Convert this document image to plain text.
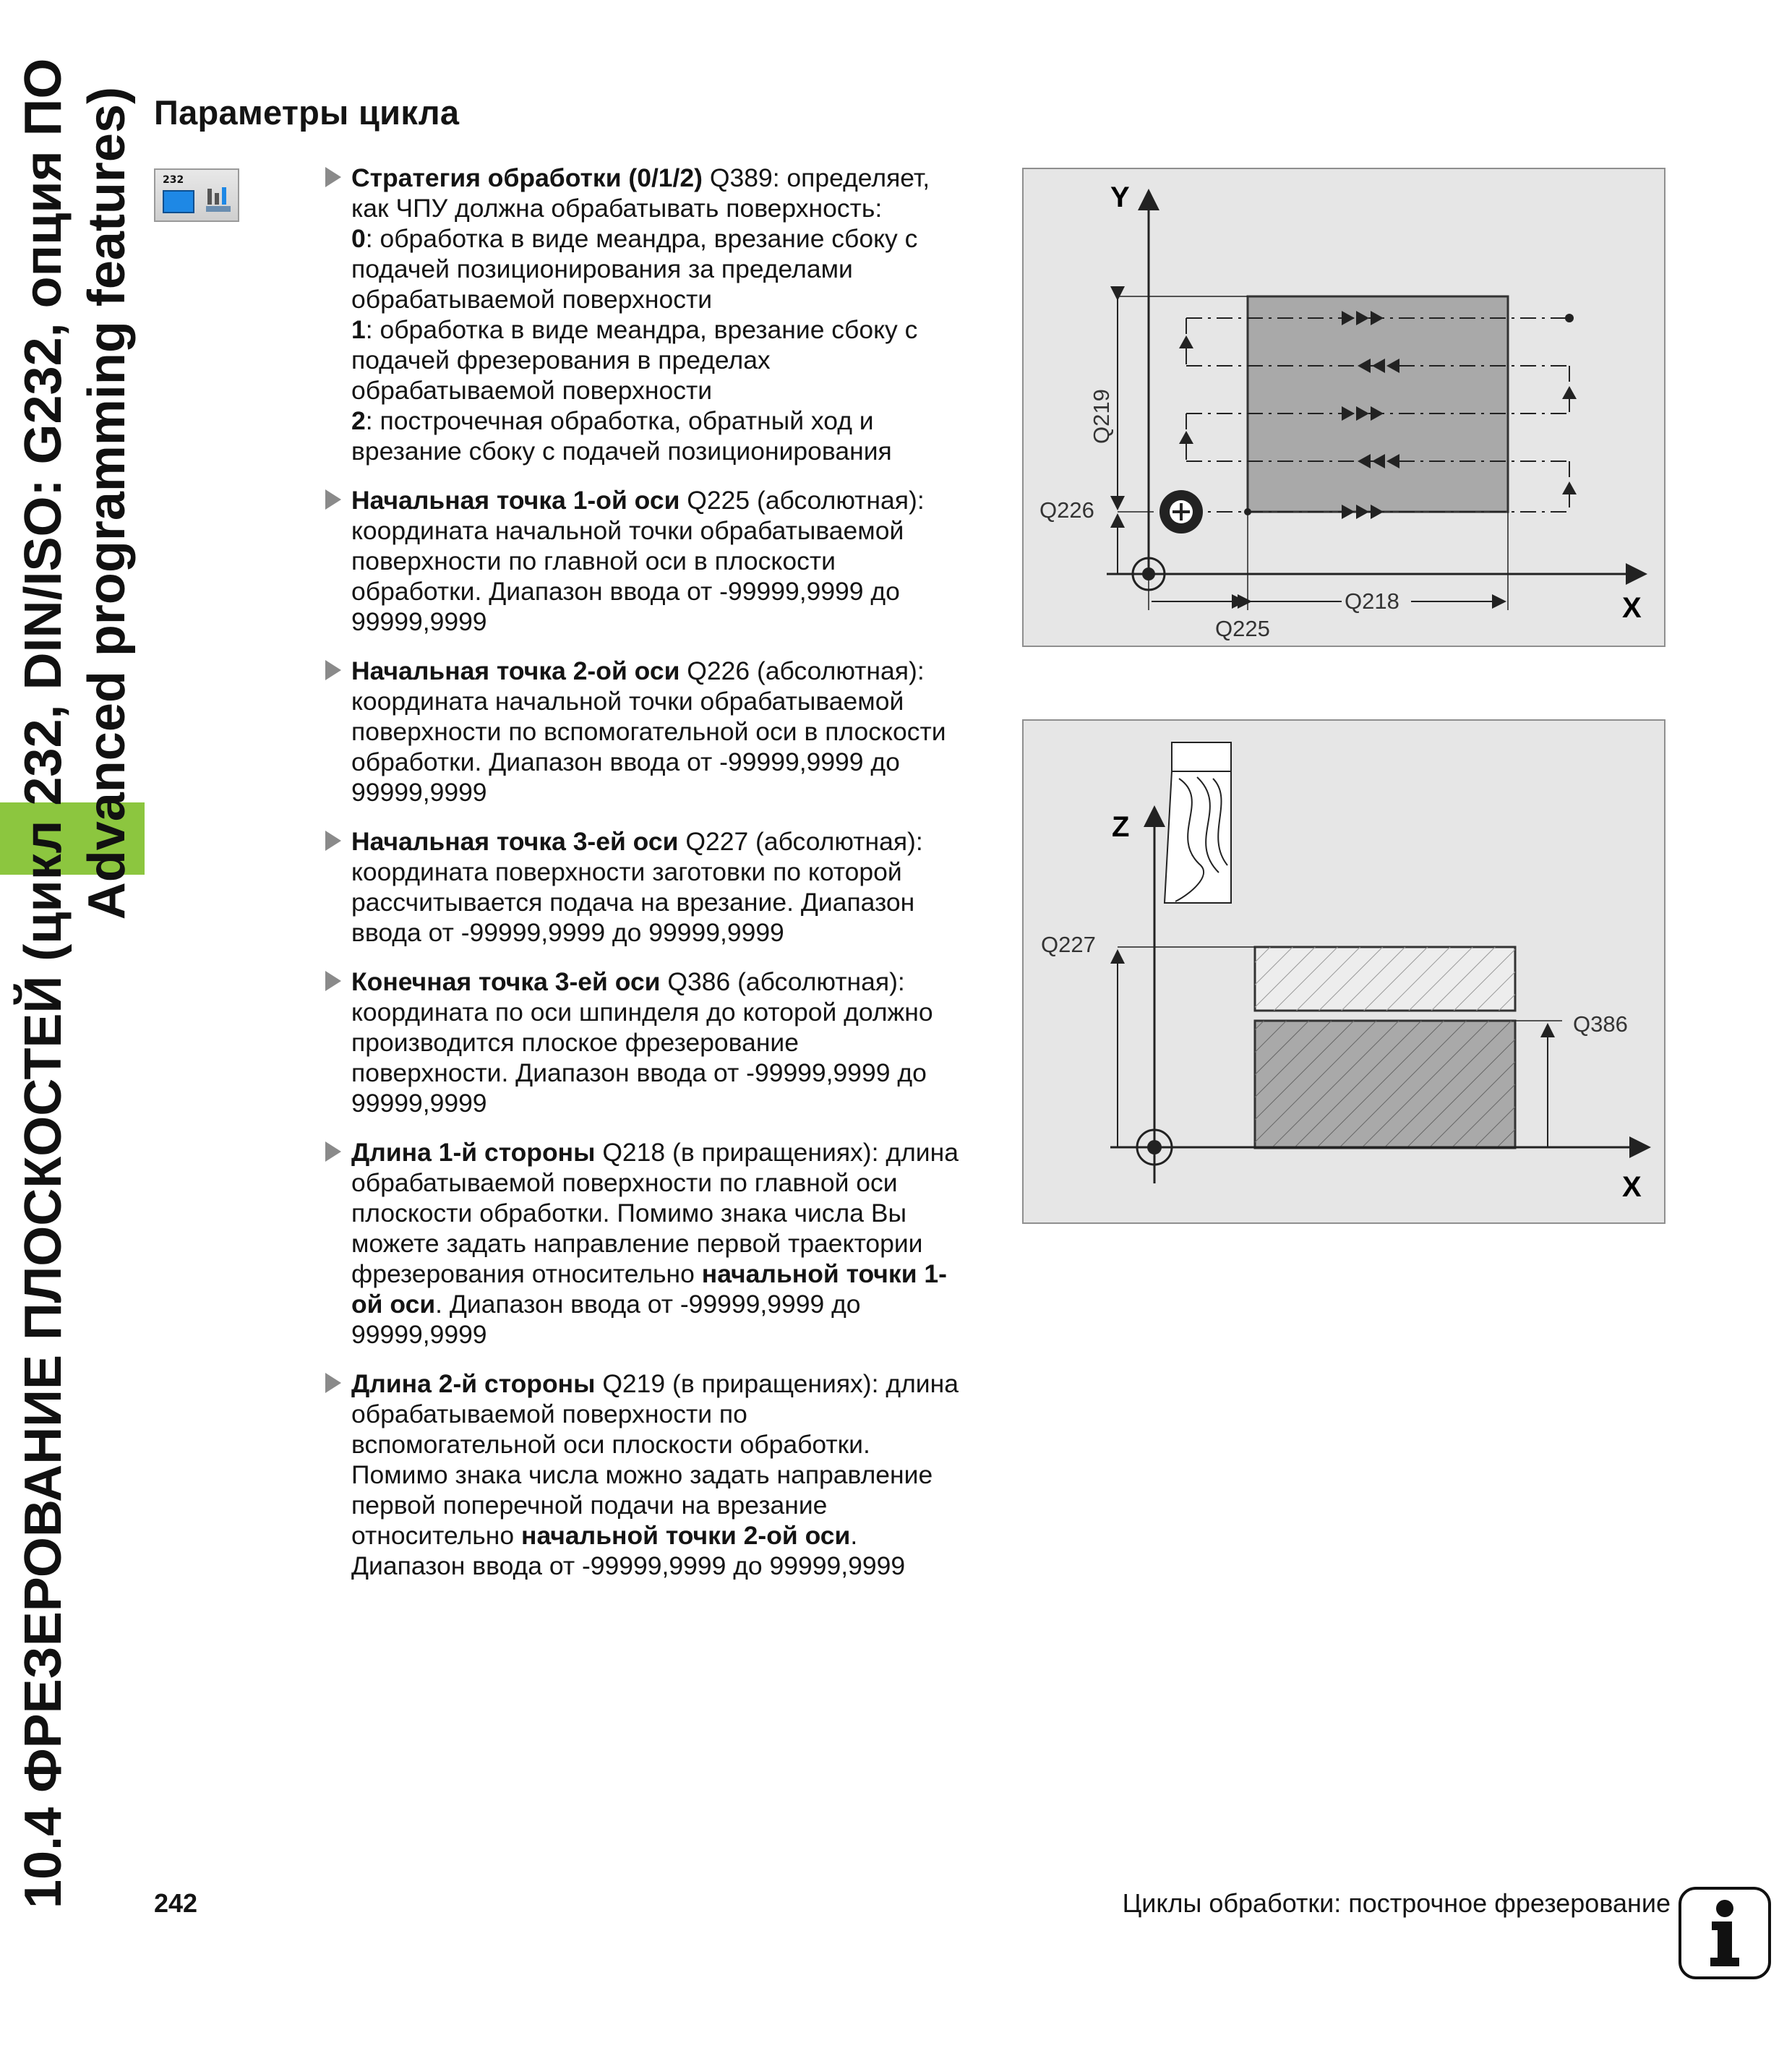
10.4 ФРЕЗЕРОВАНИЕ ПЛОСКОСТЕЙ (цикл 232, DIN/ISO: G232, опция ПО Advanced programming features) Параметры цикла
232	Стратегия обработки (0/1/2) Q389: определяет,
как ЧПУ должна обрабатывать поверхность:
0: обработка в виде меандра, врезание сбоку с
подачей позиционирования за пределами
обрабатываемой поверхности
1: обработка в виде меандра, врезание сбоку с
подачей фрезерования в пределах
обрабатываемой поверхности
2: построчечная обработка, обратный ход и
врезание сбоку с подачей позиционирования
Начальная точка 1-ой оси Q225 (абсолютная):
координата начальной точки обрабатываемой
поверхности по главной оси в плоскости
обработки. Диапазон ввода от -99999,9999 до
99999,9999
Начальная точка 2-ой оси Q226 (абсолютная):
координата начальной точки обрабатываемой
поверхности по вспомогательной оси в плоскости
обработки. Диапазон ввода от -99999,9999 до
99999,9999
Начальная точка 3-ей оси Q227 (абсолютная):
координата поверхности заготовки по которой
рассчитывается подача на врезание. Диапазон
ввода от -99999,9999 до 99999,9999
Конечная точка 3-ей оси Q386 (абсолютная):
координата по оси шпинделя до которой должно
производится плоское фрезерование
поверхности. Диапазон ввода от -99999,9999 до
99999,9999
Длина 1-й стороны Q218 (в приращениях): длина
обрабатываемой поверхности по главной оси
плоскости обработки. Помимо знака числа Вы
можете задать направление первой траектории
фрезерования относительно начальной точки 1-
ой оси. Диапазон ввода от -99999,9999 до
99999,9999
Длина 2-й стороны Q219 (в приращениях): длина
обрабатываемой поверхности по
вспомогательной оси плоскости обработки.
Помимо знака числа можно задать направление
первой поперечной подачи на врезание
относительно начальной точки 2-ой оси.
Диапазон ввода от -99999,9999 до 99999,9999
Y
X
Q219
Q226
Q218
Q225
Z
X
Q227
Q386
242	Циклы обработки: построчное фрезерование
